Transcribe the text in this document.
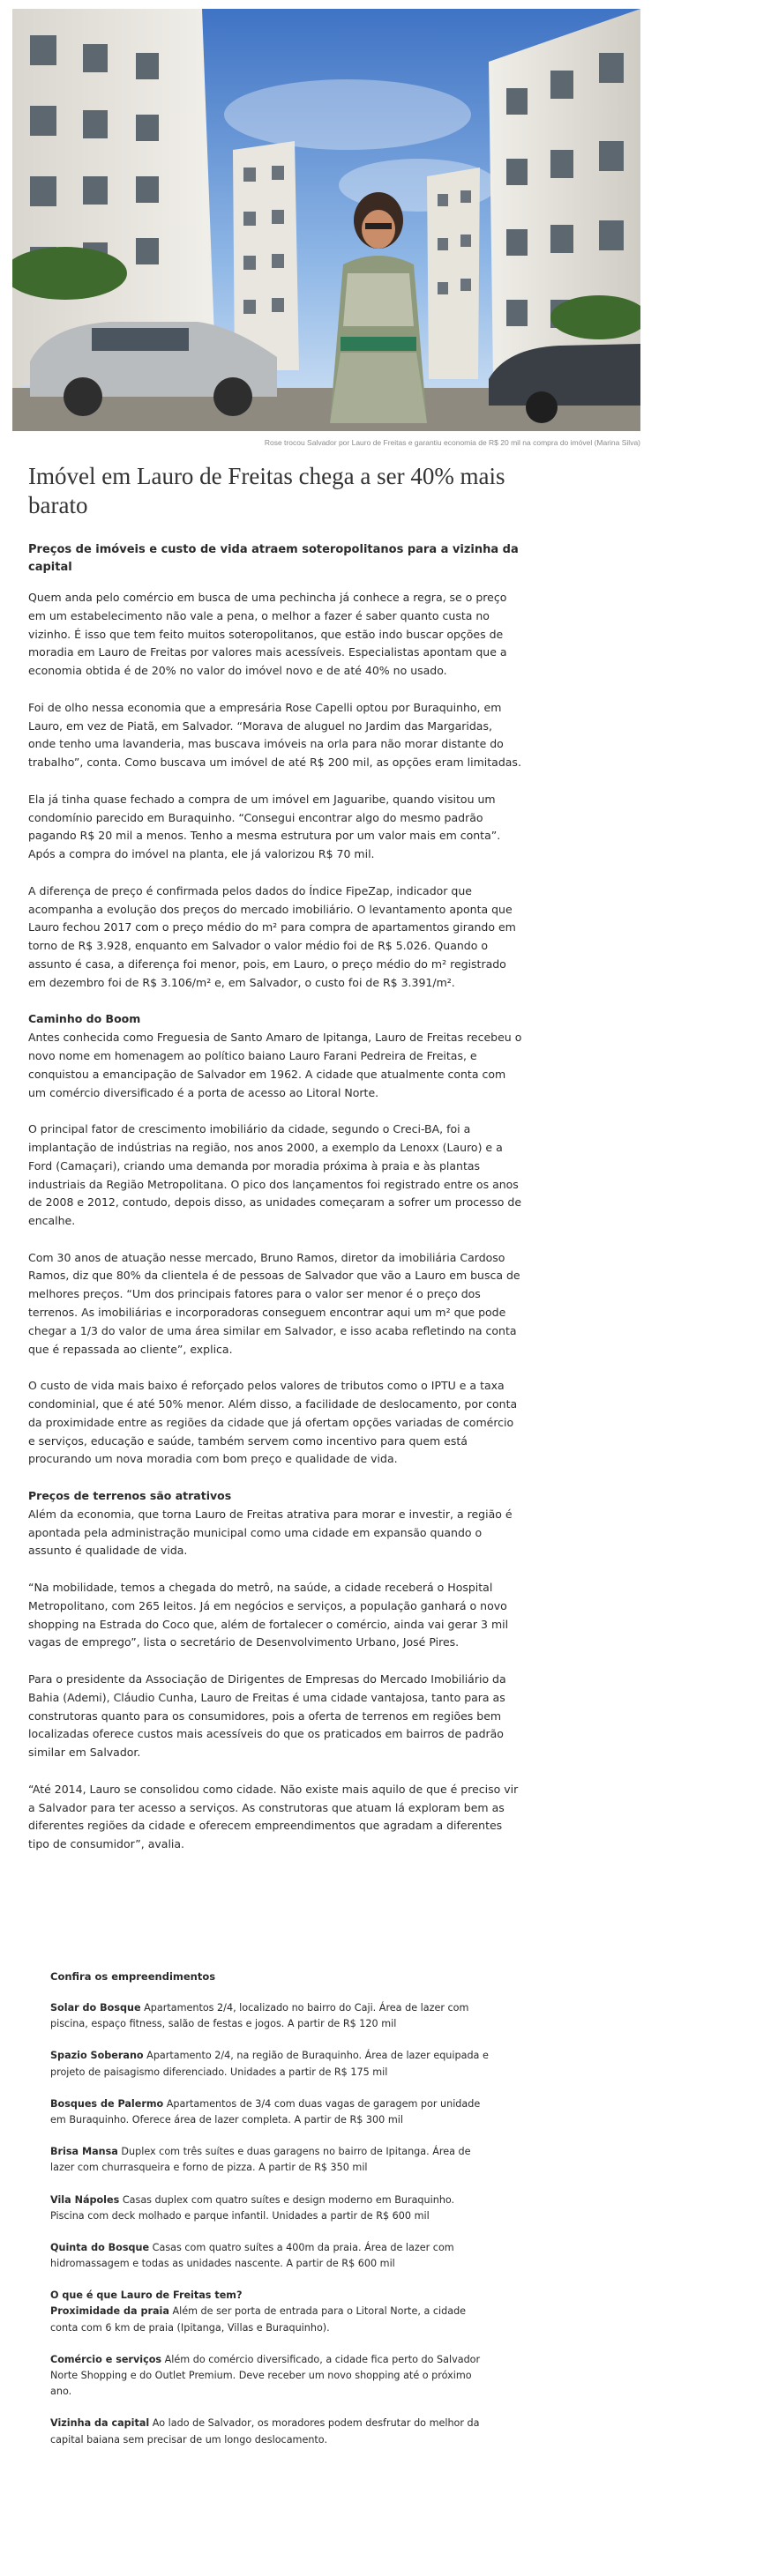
Rose trocou Salvador por Lauro de Freitas e garantiu economia de R$ 20 mil na compra do imóvel (Marina Silva)
Imóvel em Lauro de Freitas chega a ser 40% mais barato

Preços de imóveis e custo de vida atraem soteropolitanos para a vizinha da capital

Quem anda pelo comércio em busca de uma pechincha já conhece a regra, se o preço em um estabelecimento não vale a pena, o melhor a fazer é saber quanto custa no vizinho. É isso que tem feito muitos soteropolitanos, que estão indo buscar opções de moradia em Lauro de Freitas por valores mais acessíveis. Especialistas apontam que a economia obtida é de 20% no valor do imóvel novo e de até 40% no usado.

Foi de olho nessa economia que a empresária Rose Capelli optou por Buraquinho, em Lauro, em vez de Piatã, em Salvador. “Morava de aluguel no Jardim das Margaridas, onde tenho uma lavanderia, mas buscava imóveis na orla para não morar distante do trabalho”, conta. Como buscava um imóvel de até R$ 200 mil, as opções eram limitadas.

Ela já tinha quase fechado a compra de um imóvel em Jaguaribe, quando visitou um condomínio parecido em Buraquinho. “Consegui encontrar algo do mesmo padrão pagando R$ 20 mil a menos. Tenho a mesma estrutura por um valor mais em conta”. Após a compra do imóvel na planta, ele já valorizou R$ 70 mil.

A diferença de preço é confirmada pelos dados do Índice FipeZap, indicador que acompanha a evolução dos preços do mercado imobiliário. O levantamento aponta que Lauro fechou 2017 com o preço médio do m² para compra de apartamentos girando em torno de R$ 3.928, enquanto em Salvador o valor médio foi de R$ 5.026. Quando o assunto é casa, a diferença foi menor, pois, em Lauro, o preço médio do m² registrado em dezembro foi de R$ 3.106/m² e, em Salvador, o custo foi de R$ 3.391/m².

Caminho do Boom

Antes conhecida como Freguesia de Santo Amaro de Ipitanga, Lauro de Freitas recebeu o novo nome em homenagem ao político baiano Lauro Farani Pedreira de Freitas, e conquistou a emancipação de Salvador em 1962. A cidade que atualmente conta com um comércio diversificado é a porta de acesso ao Litoral Norte.

O principal fator de crescimento imobiliário da cidade, segundo o Creci-BA, foi a implantação de indústrias na região, nos anos 2000, a exemplo da Lenoxx (Lauro) e a Ford (Camaçari), criando uma demanda por moradia próxima à praia e às plantas industriais da Região Metropolitana. O pico dos lançamentos foi registrado entre os anos de 2008 e 2012, contudo, depois disso, as unidades começaram a sofrer um processo de encalhe.

Com 30 anos de atuação nesse mercado, Bruno Ramos, diretor da imobiliária Cardoso Ramos, diz que 80% da clientela é de pessoas de Salvador que vão a Lauro em busca de melhores preços. “Um dos principais fatores para o valor ser menor é o preço dos terrenos. As imobiliárias e incorporadoras conseguem encontrar aqui um m² que pode chegar a 1/3 do valor de uma área similar em Salvador, e isso acaba refletindo na conta que é repassada ao cliente”, explica.

O custo de vida mais baixo é reforçado pelos valores de tributos como o IPTU e a taxa condominial, que é até 50% menor. Além disso, a facilidade de deslocamento, por conta da proximidade entre as regiões da cidade que já ofertam opções variadas de comércio e serviços, educação e saúde, também servem como incentivo para quem está procurando um nova moradia com bom preço e qualidade de vida.

Preços de terrenos são atrativos

Além da economia, que torna Lauro de Freitas atrativa para morar e investir, a região é apontada pela administração municipal como uma cidade em expansão quando o assunto é qualidade de vida.

“Na mobilidade, temos a chegada do metrô, na saúde, a cidade receberá o Hospital Metropolitano, com 265 leitos. Já em negócios e serviços, a população ganhará o novo shopping na Estrada do Coco que, além de fortalecer o comércio, ainda vai gerar 3 mil vagas de emprego”, lista o secretário de Desenvolvimento Urbano, José Pires.

Para o presidente da Associação de Dirigentes de Empresas do Mercado Imobiliário da Bahia (Ademi), Cláudio Cunha, Lauro de Freitas é uma cidade vantajosa, tanto para as construtoras quanto para os consumidores, pois a oferta de terrenos em regiões bem localizadas oferece custos mais acessíveis do que os praticados em bairros de padrão similar em Salvador.

“Até 2014, Lauro se consolidou como cidade. Não existe mais aquilo de que é preciso vir a Salvador para ter acesso a serviços. As construtoras que atuam lá exploram bem as diferentes regiões da cidade e oferecem empreendimentos que agradam a diferentes tipo de consumidor”, avalia.

Confira os empreendimentos

Solar do Bosque Apartamentos 2/4, localizado no bairro do Caji. Área de lazer com piscina, espaço fitness, salão de festas e jogos. A partir de R$ 120 mil

Spazio Soberano Apartamento 2/4, na região de Buraquinho. Área de lazer equipada e projeto de paisagismo diferenciado. Unidades a partir de R$ 175 mil

Bosques de Palermo Apartamentos de 3/4 com duas vagas de garagem por unidade em Buraquinho. Oferece área de lazer completa. A partir de R$ 300 mil

Brisa Mansa Duplex com três suítes e duas garagens no bairro de Ipitanga. Área de lazer com churrasqueira e forno de pizza. A partir de R$ 350 mil

Vila Nápoles Casas duplex com quatro suítes e design moderno em Buraquinho. Piscina com deck molhado e parque infantil. Unidades a partir de R$ 600 mil

Quinta do Bosque Casas com quatro suítes a 400m da praia. Área de lazer com hidromassagem e todas as unidades nascente. A partir de R$ 600 mil

O que é que Lauro de Freitas tem?

Proximidade da praia Além de ser porta de entrada para o Litoral Norte, a cidade conta com 6 km de praia (Ipitanga, Villas e Buraquinho).

Comércio e serviços Além do comércio diversificado, a cidade fica perto do Salvador Norte Shopping e do Outlet Premium. Deve receber um novo shopping até o próximo ano.

Vizinha da capital Ao lado de Salvador, os moradores podem desfrutar do melhor da capital baiana sem precisar de um longo deslocamento.
